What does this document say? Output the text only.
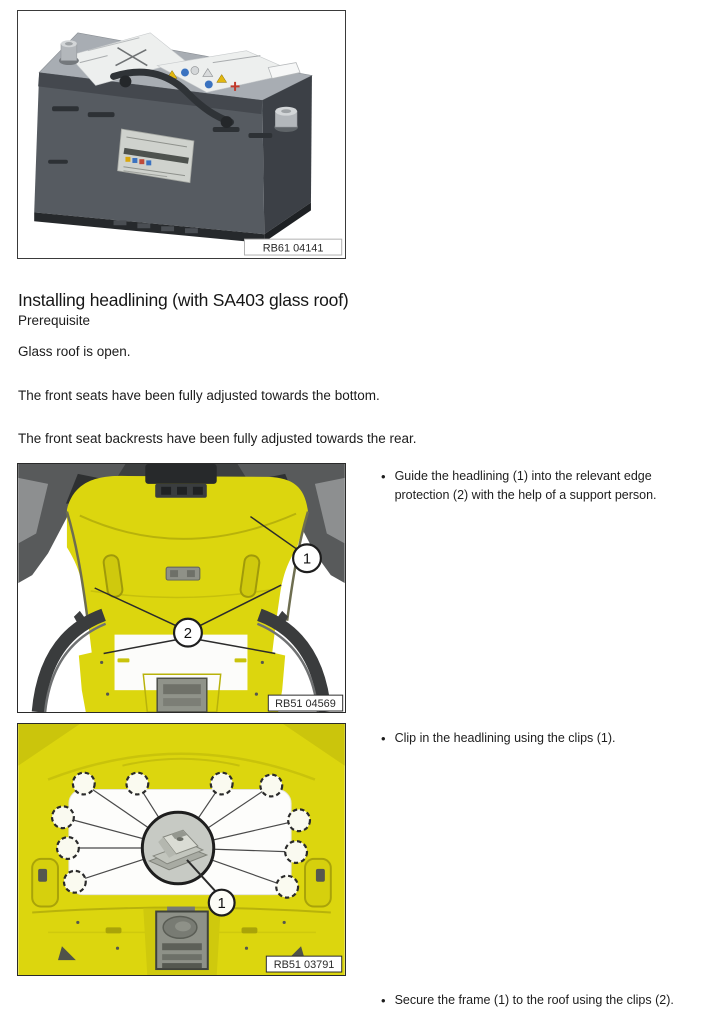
RB61 04141
Installing headlining (with SA403 glass roof)
Prerequisite
Glass roof is open.
The front seats have been fully adjusted towards the bottom.
The front seat backrests have been fully adjusted towards the rear.
1
2
RB51 04569
1
RB51 03791
• Guide the headlining (1) into the relevant edge protection (2) with the help of a support person.
• Clip in the headlining using the clips (1).
• Secure the frame (1) to the roof using the clips (2).
